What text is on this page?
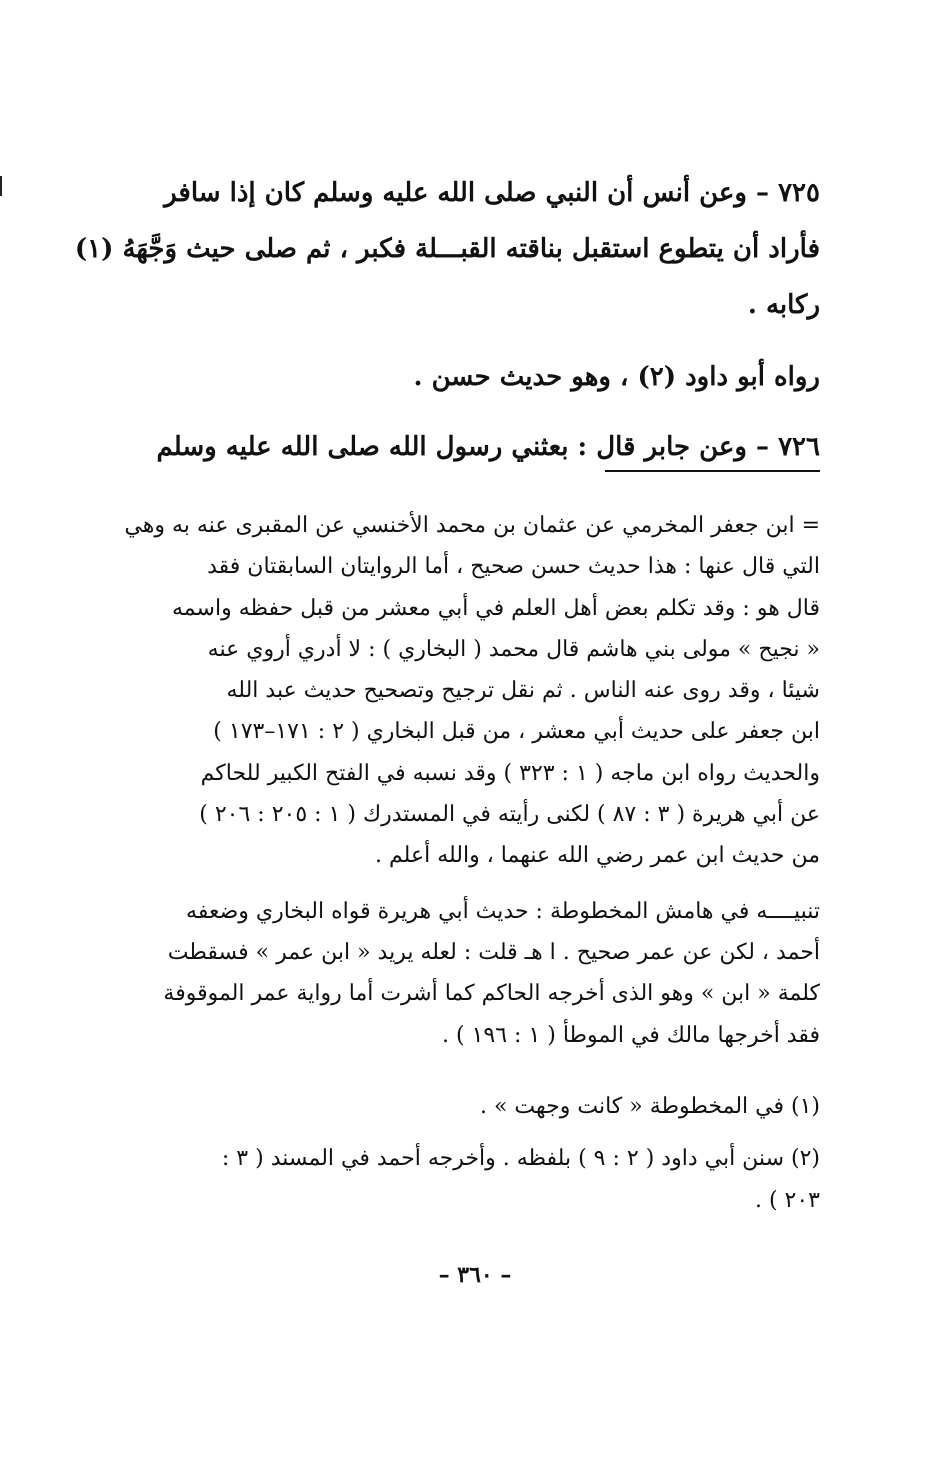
٧٢٥ – وعن أنس أن النبي صلى الله عليه وسلم كان إذا سافر
فأراد أن يتطوع استقبل بناقته القبـــلة فكبر ، ثم صلى حيث وَجَّهَهُ (١)
ركابه .
رواه أبو داود (٢) ، وهو حديث حسن .
٧٢٦ – وعن جابر قال : بعثني رسول الله صلى الله عليه وسلم
= ابن جعفر المخرمي عن عثمان بن محمد الأخنسي عن المقبرى عنه به وهي
التي قال عنها : هذا حديث حسن صحيح ، أما الروايتان السابقتان فقد
قال هو : وقد تكلم بعض أهل العلم في أبي معشر من قبل حفظه واسمه
« نجيح » مولى بني هاشم قال محمد ( البخاري ) : لا أدري أروي عنه
شيئا ، وقد روى عنه الناس . ثم نقل ترجيح وتصحيح حديث عبد الله
ابن جعفر على حديث أبي معشر ، من قبل البخاري ( ٢ : ١٧١–١٧٣ )
والحديث رواه ابن ماجه ( ١ : ٣٢٣ ) وقد نسبه في الفتح الكبير للحاكم
عن أبي هريرة ( ٣ : ٨٧ ) لكنى رأيته في المستدرك ( ١ : ٢٠٥ : ٢٠٦ )
من حديث ابن عمر رضي الله عنهما ، والله أعلم .
تنبيــــه في هامش المخطوطة : حديث أبي هريرة قواه البخاري وضعفه
أحمد ، لكن عن عمر صحيح . ا هـ قلت : لعله يريد « ابن عمر » فسقطت
كلمة « ابن » وهو الذى أخرجه الحاكم كما أشرت أما رواية عمر الموقوفة
فقد أخرجها مالك في الموطأ ( ١ : ١٩٦ ) .
(١) في المخطوطة « كانت وجهت » .
(٢) سنن أبي داود ( ٢ : ٩ ) بلفظه . وأخرجه أحمد في المسند ( ٣ :
٢٠٣ ) .
– ٣٦٠ –
